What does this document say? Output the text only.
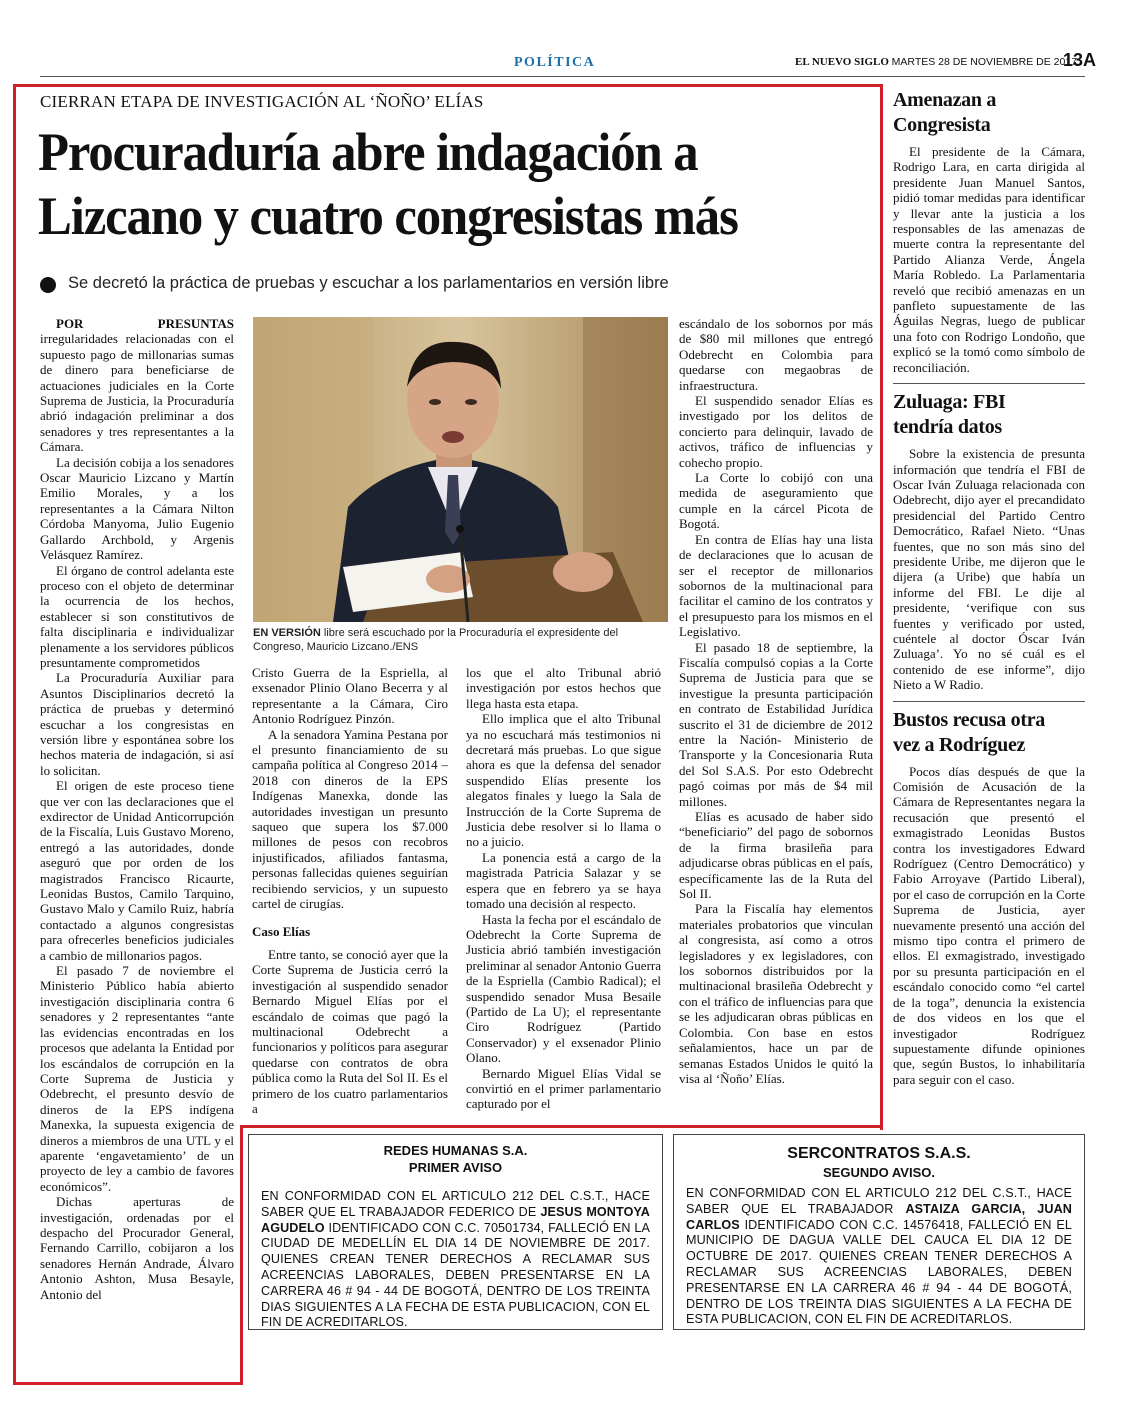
POLÍTICA	EL NUEVO SIGLO MARTES 28 DE NOVIEMBRE DE 2017
13A
CIERRAN ETAPA DE INVESTIGACIÓN AL ‘ÑOÑO’ ELÍAS
Procuraduría abre indagación a
Lizcano y cuatro congresistas más
Se decretó la práctica de pruebas y escuchar a los parlamentarios en versión libre
EN VERSIÓN libre será escuchado por la Procuraduría el expresidente del Congreso, Mauricio Lizcano./ENS

POR PRESUNTAS irregularidades relacionadas con el supuesto pago de millonarias sumas de dinero para beneficiarse de actuaciones judiciales en la Corte Suprema de Justicia, la Procuraduría abrió indagación preliminar a dos senadores y tres representantes a la Cámara.

La decisión cobija a los senadores Oscar Mauricio Lizcano y Martín Emilio Morales, y a los representantes a la Cámara Nilton Córdoba Manyoma, Julio Eugenio Gallardo Archbold, y Argenis Velásquez Ramírez.

El órgano de control adelanta este proceso con el objeto de determinar la ocurrencia de los hechos, establecer si son constitutivos de falta disciplinaria e individualizar plenamente a los servidores públicos presuntamente comprometidos

La Procuraduría Auxiliar para Asuntos Disciplinarios decretó la práctica de pruebas y determinó escuchar a los congresistas en versión libre y espontánea sobre los hechos materia de indagación, si así lo solicitan.

El origen de este proceso tiene que ver con las declaraciones que el exdirector de Unidad Anticorrupción de la Fiscalía, Luis Gustavo Moreno, entregó a las autoridades, donde aseguró que por orden de los magistrados Francisco Ricaurte, Leonidas Bustos, Camilo Tarquino, Gustavo Malo y Camilo Ruiz, habría contactado a algunos congresistas para ofrecerles beneficios judiciales a cambio de millonarios pagos.

El pasado 7 de noviembre el Ministerio Público había abierto investigación disciplinaria contra 6 senadores y 2 representantes “ante las evidencias encontradas en los procesos que adelanta la Entidad por los escándalos de corrupción en la Corte Suprema de Justicia y Odebrecht, el presunto desvío de dineros de la EPS indígena Manexka, la supuesta exigencia de dineros a miembros de una UTL y el aparente ‘engavetamiento’ de un proyecto de ley a cambio de favores económicos”.

Dichas aperturas de investigación, ordenadas por el despacho del Procurador General, Fernando Carrillo, cobijaron a los senadores Hernán Andrade, Álvaro Antonio Ashton, Musa Besayle, Antonio del

Cristo Guerra de la Espriella, al exsenador Plinio Olano Becerra y al representante a la Cámara, Ciro Antonio Rodríguez Pinzón.

A la senadora Yamina Pestana por el presunto financiamiento de su campaña política al Congreso 2014 – 2018 con dineros de la EPS Indígenas Manexka, donde las autoridades investigan un presunto saqueo que supera los $7.000 millones de pesos con recobros injustificados, afiliados fantasma, personas fallecidas quienes seguirían recibiendo servicios, y un supuesto cartel de cirugías.

Caso Elías

Entre tanto, se conoció ayer que la Corte Suprema de Justicia cerró la investigación al suspendido senador Bernardo Miguel Elías por el escándalo de coimas que pagó la multinacional Odebrecht a funcionarios y políticos para asegurar quedarse con contratos de obra pública como la Ruta del Sol II. Es el primero de los cuatro parlamentarios a

los que el alto Tribunal abrió investigación por estos hechos que llega hasta esta etapa.

Ello implica que el alto Tribunal ya no escuchará más testimonios ni decretará más pruebas. Lo que sigue ahora es que la defensa del senador suspendido Elías presente los alegatos finales y luego la Sala de Instrucción de la Corte Suprema de Justicia debe resolver si lo llama o no a juicio.

La ponencia está a cargo de la magistrada Patricia Salazar y se espera que en febrero ya se haya tomado una decisión al respecto.

Hasta la fecha por el escándalo de Odebrecht la Corte Suprema de Justicia abrió también investigación preliminar al senador Antonio Guerra de la Espriella (Cambio Radical); el suspendido senador Musa Besaile (Partido de La U); el representante Ciro Rodríguez (Partido Conservador) y el exsenador Plinio Olano.

Bernardo Miguel Elías Vidal se convirtió en el primer parlamentario capturado por el

escándalo de los sobornos por más de $80 mil millones que entregó Odebrecht en Colombia para quedarse con megaobras de infraestructura.

El suspendido senador Elías es investigado por los delitos de concierto para delinquir, lavado de activos, tráfico de influencias y cohecho propio.

La Corte lo cobijó con una medida de aseguramiento que cumple en la cárcel Picota de Bogotá.

En contra de Elías hay una lista de declaraciones que lo acusan de ser el receptor de millonarios sobornos de la multinacional para facilitar el camino de los contratos y el presupuesto para los mismos en el Legislativo.

El pasado 18 de septiembre, la Fiscalía compulsó copias a la Corte Suprema de Justicia para que se investigue la presunta participación en contrato de Estabilidad Jurídica suscrito el 31 de diciembre de 2012 entre la Nación- Ministerio de Transporte y la Concesionaria Ruta del Sol S.A.S. Por esto Odebrecht pagó coimas por más de $4 mil millones.

Elías es acusado de haber sido “beneficiario” del pago de sobornos de la firma brasileña para adjudicarse obras públicas en el país, específicamente las de la Ruta del Sol II.

Para la Fiscalía hay elementos materiales probatorios que vinculan al congresista, así como a otros legisladores y ex legisladores, con los sobornos distribuidos por la multinacional brasileña Odebrecht y con el tráfico de influencias para que se les adjudicaran obras públicas en Colombia. Con base en estos señalamientos, hace un par de semanas Estados Unidos le quitó la visa al ‘Ñoño’ Elías.

Amenazan a
Congresista

El presidente de la Cámara, Rodrigo Lara, en carta dirigida al presidente Juan Manuel Santos, pidió tomar medidas para identificar y llevar ante la justicia a los responsables de las amenazas de muerte contra la representante del Partido Alianza Verde, Ángela María Robledo. La Parlamentaria reveló que recibió amenazas en un panfleto supuestamente de las Águilas Negras, luego de publicar una foto con Rodrigo Londoño, que explicó se la tomó como símbolo de reconciliación.

Zuluaga: FBI
tendría datos

Sobre la existencia de presunta información que tendría el FBI de Oscar Iván Zuluaga relacionada con Odebrecht, dijo ayer el precandidato presidencial del Partido Centro Democrático, Rafael Nieto. “Unas fuentes, que no son más sino del presidente Uribe, me dijeron que le dijera (a Uribe) que había un informe del FBI. Le dije al presidente, ‘verifique con sus fuentes y verificado por usted, cuéntele al doctor Óscar Iván Zuluaga’. Yo no sé cuál es el contenido de ese informe”, dijo Nieto a W Radio.

Bustos recusa otra
vez a Rodríguez

Pocos días después de que la Comisión de Acusación de la Cámara de Representantes negara la recusación que presentó el exmagistrado Leonidas Bustos contra los investigadores Edward Rodríguez (Centro Democrático) y Fabio Arroyave (Partido Liberal), por el caso de corrupción en la Corte Suprema de Justicia, ayer nuevamente presentó una acción del mismo tipo contra el primero de ellos. El exmagistrado, investigado por su presunta participación en el escándalo conocido como “el cartel de la toga”, denuncia la existencia de dos videos en los que el investigador Rodríguez supuestamente difunde opiniones que, según Bustos, lo inhabilitaría para seguir con el caso.

REDES HUMANAS S.A.
PRIMER AVISO
EN CONFORMIDAD CON EL ARTICULO 212 DEL C.S.T., HACE SABER QUE EL TRABAJADOR FEDERICO DE JESUS MONTOYA AGUDELO IDENTIFICADO CON C.C. 70501734, FALLECIÓ EN LA CIUDAD DE MEDELLÍN EL DIA 14 DE NOVIEMBRE DE 2017. QUIENES CREAN TENER DERECHOS A RECLAMAR SUS ACREENCIAS LABORALES, DEBEN PRESENTARSE EN LA CARRERA 46 # 94 - 44 DE BOGOTÁ, DENTRO DE LOS TREINTA DIAS SIGUIENTES A LA FECHA DE ESTA PUBLICACION, CON EL FIN DE ACREDITARLOS.
SERCONTRATOS S.A.S.
SEGUNDO AVISO.
EN CONFORMIDAD CON EL ARTICULO 212 DEL C.S.T., HACE SABER QUE EL TRABAJADOR ASTAIZA GARCIA, JUAN CARLOS IDENTIFICADO CON C.C. 14576418, FALLECIÓ EN EL MUNICIPIO DE DAGUA VALLE DEL CAUCA EL DIA 12 DE OCTUBRE DE 2017. QUIENES CREAN TENER DERECHOS A RECLAMAR SUS ACREENCIAS LABORALES, DEBEN PRESENTARSE EN LA CARRERA 46 # 94 - 44 DE BOGOTÁ, DENTRO DE LOS TREINTA DIAS SIGUIENTES A LA FECHA DE ESTA PUBLICACION, CON EL FIN DE ACREDITARLOS.
